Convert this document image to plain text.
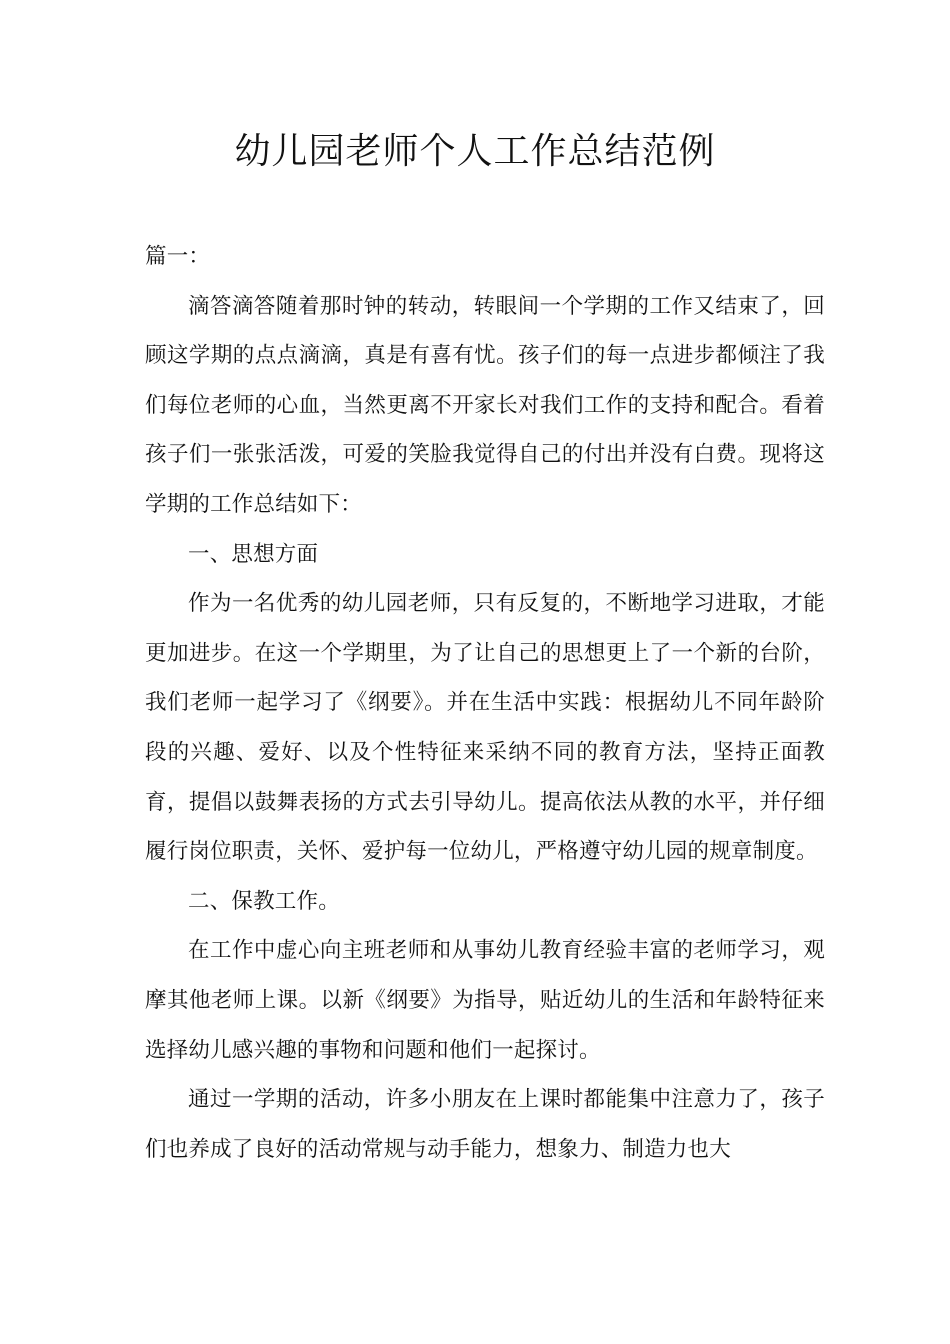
幼儿园老师个人工作总结范例

篇一：

滴答滴答随着那时钟的转动，转眼间一个学期的工作又结束了，回顾这学期的点点滴滴，真是有喜有忧。孩子们的每一点进步都倾注了我们每位老师的心血，当然更离不开家长对我们工作的支持和配合。看着孩子们一张张活泼，可爱的笑脸我觉得自己的付出并没有白费。现将这学期的工作总结如下：

一、思想方面

作为一名优秀的幼儿园老师，只有反复的，不断地学习进取，才能更加进步。在这一个学期里，为了让自己的思想更上了一个新的台阶，我们老师一起学习了《纲要》。并在生活中实践：根据幼儿不同年龄阶段的兴趣、爱好、以及个性特征来采纳不同的教育方法，坚持正面教育，提倡以鼓舞表扬的方式去引导幼儿。提高依法从教的水平，并仔细履行岗位职责，关怀、爱护每一位幼儿，严格遵守幼儿园的规章制度。

二、保教工作。

在工作中虚心向主班老师和从事幼儿教育经验丰富的老师学习，观摩其他老师上课。以新《纲要》为指导，贴近幼儿的生活和年龄特征来选择幼儿感兴趣的事物和问题和他们一起探讨。

通过一学期的活动，许多小朋友在上课时都能集中注意力了，孩子们也养成了良好的活动常规与动手能力，想象力、制造力也大
